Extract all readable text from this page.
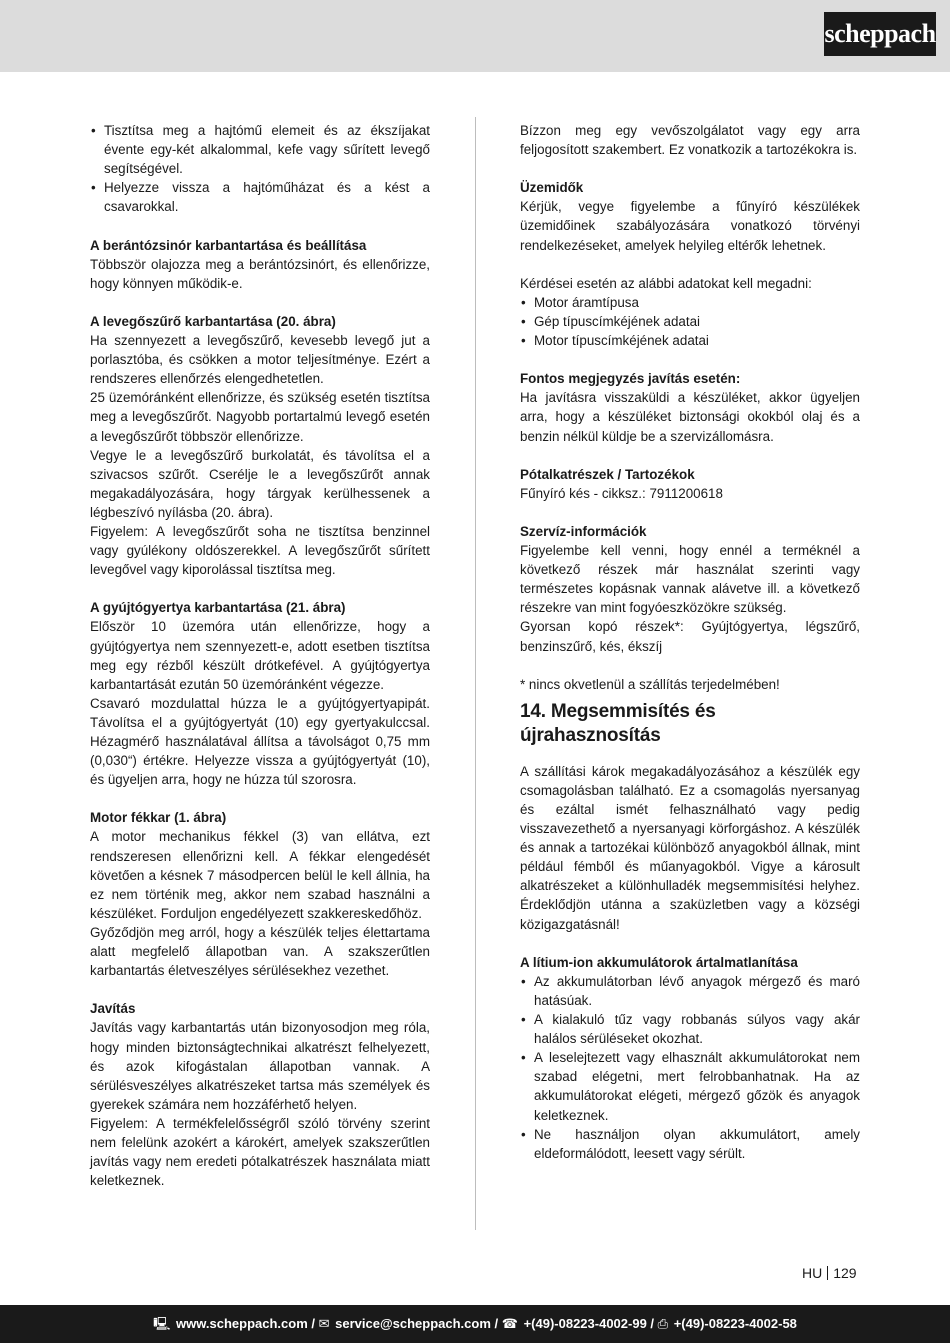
scheppach
• Tisztítsa meg a hajtómű elemeit és az ékszíjakat évente egy-két alkalommal, kefe vagy sűrített levegő segítségével.
• Helyezze vissza a hajtóműházat és a kést a csavarokkal.

A berántózsinór karbantartása és beállítása

Többször olajozza meg a berántózsinórt, és ellenőrizze, hogy könnyen működik-e.

A levegőszűrő karbantartása (20. ábra)

Ha szennyezett a levegőszűrő, kevesebb levegő jut a porlasztóba, és csökken a motor teljesítménye. Ezért a rendszeres ellenőrzés elengedhetetlen.

25 üzemóránként ellenőrizze, és szükség esetén tisztítsa meg a levegőszűrőt. Nagyobb portartalmú levegő esetén a levegőszűrőt többször ellenőrizze.

Vegye le a levegőszűrő burkolatát, és távolítsa el a szivacsos szűrőt. Cserélje le a levegőszűrőt annak megakadályozására, hogy tárgyak kerülhessenek a légbeszívó nyílásba (20. ábra).

Figyelem: A levegőszűrőt soha ne tisztítsa benzinnel vagy gyúlékony oldószerekkel. A levegőszűrőt sűrített levegővel vagy kiporolással tisztítsa meg.

A gyújtógyertya karbantartása (21. ábra)

Először 10 üzemóra után ellenőrizze, hogy a gyújtógyertya nem szennyezett-e, adott esetben tisztítsa meg egy rézből készült drótkefével. A gyújtógyertya karbantartását ezután 50 üzemóránként végezze.

Csavaró mozdulattal húzza le a gyújtógyertyapipát. Távolítsa el a gyújtógyertyát (10) egy gyertyakulccsal. Hézagmérő használatával állítsa a távolságot 0,75 mm (0,030“) értékre. Helyezze vissza a gyújtógyertyát (10), és ügyeljen arra, hogy ne húzza túl szorosra.

Motor fékkar (1. ábra)

A motor mechanikus fékkel (3) van ellátva, ezt rendszeresen ellenőrizni kell. A fékkar elengedését követően a késnek 7 másodpercen belül le kell állnia, ha ez nem történik meg, akkor nem szabad használni a készüléket. Forduljon engedélyezett szakkereskedőhöz.

Győződjön meg arról, hogy a készülék teljes élettartama alatt megfelelő állapotban van. A szakszerűtlen karbantartás életveszélyes sérülésekhez vezethet.

Javítás

Javítás vagy karbantartás után bizonyosodjon meg róla, hogy minden biztonságtechnikai alkatrészt felhelyezett, és azok kifogástalan állapotban vannak. A sérülésveszélyes alkatrészeket tartsa más személyek és gyerekek számára nem hozzáférhető helyen.

Figyelem: A termékfelelősségről szóló törvény szerint nem felelünk azokért a károkért, amelyek szakszerűtlen javítás vagy nem eredeti pótalkatrészek használata miatt keletkeznek.

Bízzon meg egy vevőszolgálatot vagy egy arra feljogosított szakembert. Ez vonatkozik a tartozékokra is.

Üzemidők

Kérjük, vegye figyelembe a fűnyíró készülékek üzemidőinek szabályozására vonatkozó törvényi rendelkezéseket, amelyek helyileg eltérők lehetnek.

Kérdései esetén az alábbi adatokat kell megadni:

• Motor áramtípusa
• Gép típuscímkéjének adatai
• Motor típuscímkéjének adatai

Fontos megjegyzés javítás esetén:

Ha javításra visszaküldi a készüléket, akkor ügyeljen arra, hogy a készüléket biztonsági okokból olaj és a benzin nélkül küldje be a szervizállomásra.

Pótalkatrészek / Tartozékok

Fűnyíró kés - cikksz.: 7911200618

Szervíz-információk

Figyelembe kell venni, hogy ennél a terméknél a következő részek már használat szerinti vagy természetes kopásnak vannak alávetve ill. a következő részekre van mint fogyóeszközökre szükség.

Gyorsan kopó részek*: Gyújtógyertya, légszűrő, benzinszűrő, kés, ékszíj

* nincs okvetlenül a szállítás terjedelmében!

14. Megsemmisítés és újrahasznosítás

A szállítási károk megakadályozásához a készülék egy csomagolásban található. Ez a csomagolás nyersanyag és ezáltal ismét felhasználható vagy pedig visszavezethető a nyersanyagi körforgáshoz. A készülék és annak a tartozékai különböző anyagokból állnak, mint például fémből és műanyagokból. Vigye a károsult alkatrészeket a különhulladék megsemmisítési helyhez. Érdeklődjön utánna a szaküzletben vagy a községi közigazgatásnál!

A lítium-ion akkumulátorok ártalmatlanítása

• Az akkumulátorban lévő anyagok mérgező és maró hatásúak.
• A kialakuló tűz vagy robbanás súlyos vagy akár halálos sérüléseket okozhat.
• A leselejtezett vagy elhasznált akkumulátorokat nem szabad elégetni, mert felrobbanhatnak. Ha az akkumulátorokat elégeti, mérgező gőzök és anyagok keletkeznek.
• Ne használjon olyan akkumulátort, amely eldeformálódott, leesett vagy sérült.
HU 129
🖳 www.scheppach.com / ✉ service@scheppach.com / ☎ +(49)-08223-4002-99 / ⎙ +(49)-08223-4002-58
